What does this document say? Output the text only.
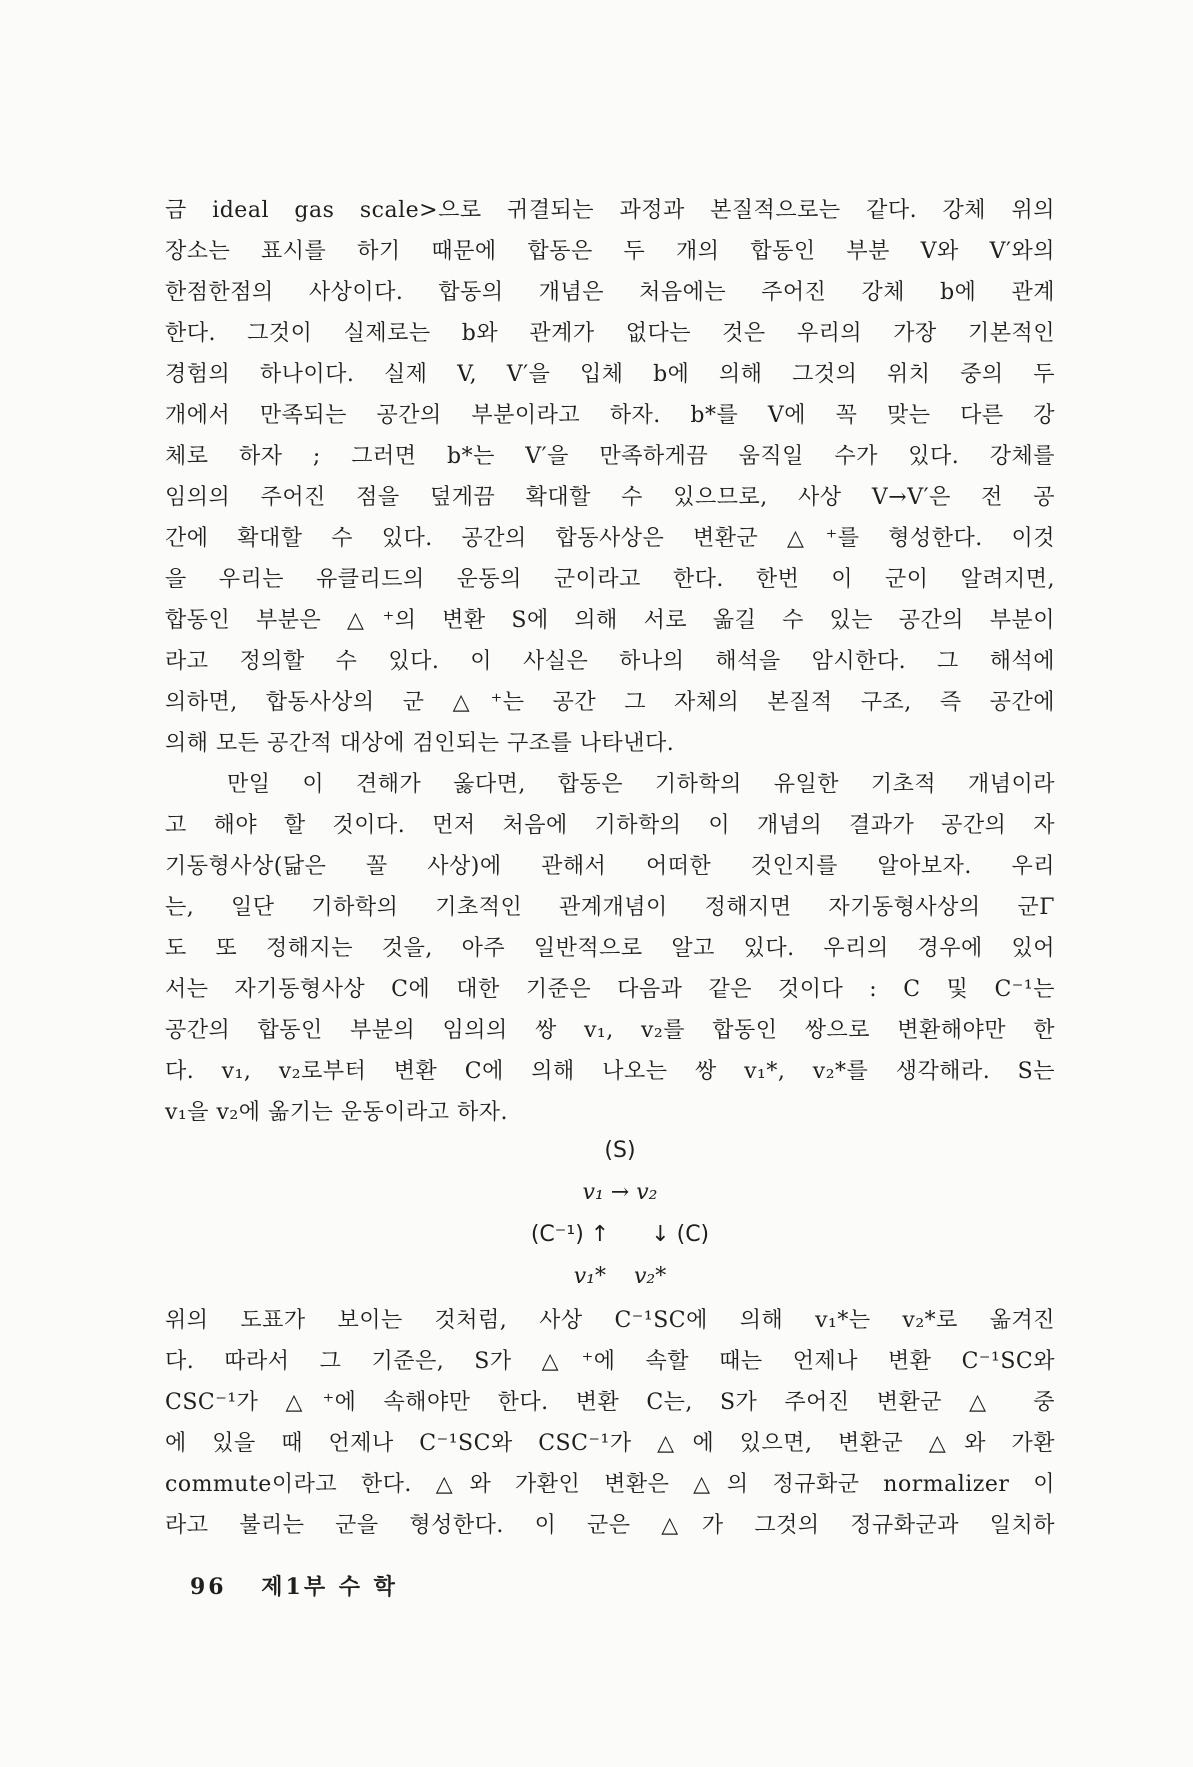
금 ideal gas scale>으로 귀결되는 과정과 본질적으로는 같다. 강체 위의
장소는 표시를 하기 때문에 합동은 두 개의 합동인 부분 V와 V′와의
한점한점의 사상이다. 합동의 개념은 처음에는 주어진 강체 b에 관계
한다. 그것이 실제로는 b와 관계가 없다는 것은 우리의 가장 기본적인
경험의 하나이다. 실제 V, V′을 입체 b에 의해 그것의 위치 중의 두
개에서 만족되는 공간의 부분이라고 하자. b*를 V에 꼭 맞는 다른 강
체로 하자 ; 그러면 b*는 V′을 만족하게끔 움직일 수가 있다. 강체를
임의의 주어진 점을 덮게끔 확대할 수 있으므로, 사상 V→V′은 전 공
간에 확대할 수 있다. 공간의 합동사상은 변환군 △⁺를 형성한다. 이것
을 우리는 유클리드의 운동의 군이라고 한다. 한번 이 군이 알려지면,
합동인 부분은 △⁺의 변환 S에 의해 서로 옮길 수 있는 공간의 부분이
라고 정의할 수 있다. 이 사실은 하나의 해석을 암시한다. 그 해석에
의하면, 합동사상의 군 △⁺는 공간 그 자체의 본질적 구조, 즉 공간에
의해 모든 공간적 대상에 검인되는 구조를 나타낸다.
만일 이 견해가 옳다면, 합동은 기하학의 유일한 기초적 개념이라
고 해야 할 것이다. 먼저 처음에 기하학의 이 개념의 결과가 공간의 자
기동형사상(닮은 꼴 사상)에 관해서 어떠한 것인지를 알아보자. 우리
는, 일단 기하학의 기초적인 관계개념이 정해지면 자기동형사상의 군Γ
도 또 정해지는 것을, 아주 일반적으로 알고 있다. 우리의 경우에 있어
서는 자기동형사상 C에 대한 기준은 다음과 같은 것이다 : C 및 C⁻¹는
공간의 합동인 부분의 임의의 쌍 v₁, v₂를 합동인 쌍으로 변환해야만 한
다. v₁, v₂로부터 변환 C에 의해 나오는 쌍 v₁*, v₂*를 생각해라. S는
v₁을 v₂에 옮기는 운동이라고 하자.
(S)
v₁ → v₂
(C⁻¹) ↑      ↓ (C)
v₁*    v₂*
위의 도표가 보이는 것처럼, 사상 C⁻¹SC에 의해 v₁*는 v₂*로 옮겨진
다. 따라서 그 기준은, S가 △⁺에 속할 때는 언제나 변환 C⁻¹SC와
CSC⁻¹가 △⁺에 속해야만 한다. 변환 C는, S가 주어진 변환군 △ 중
에 있을 때 언제나 C⁻¹SC와 CSC⁻¹가 △에 있으면, 변환군 △와 가환
commute이라고 한다. △와 가환인 변환은 △의 정규화군 normalizer 이
라고 불리는 군을 형성한다. 이 군은 △가 그것의 정규화군과 일치하
96 제1부 수 학
